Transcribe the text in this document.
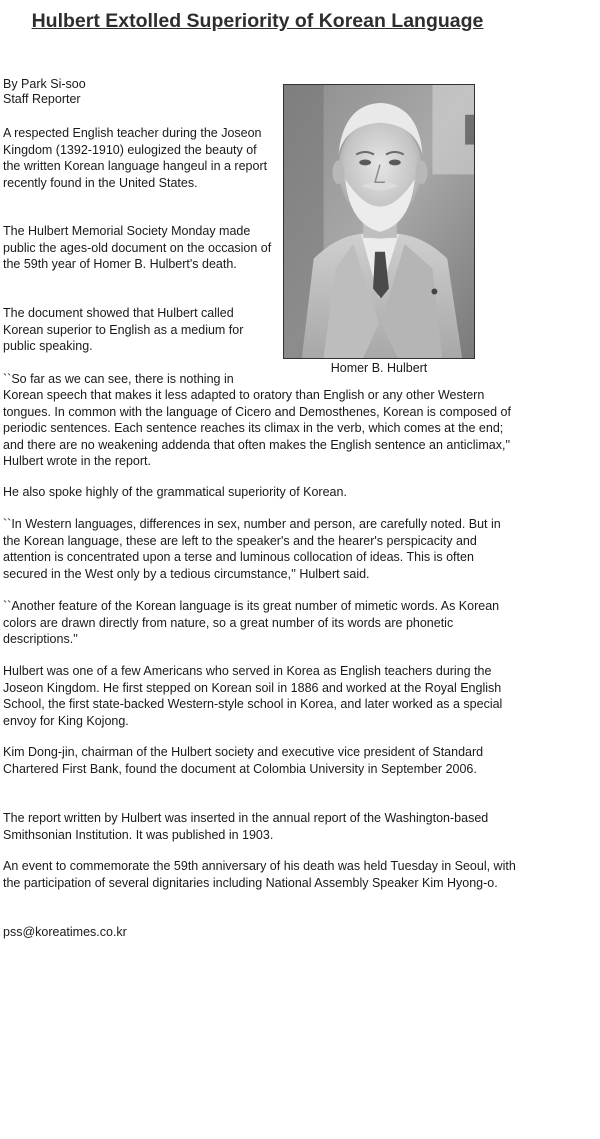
Hulbert Extolled Superiority of Korean Language

By Park Si-soo

Staff Reporter

Homer B. Hulbert

A respected English teacher during the Joseon Kingdom (1392-1910) eulogized the beauty of the written Korean language hangeul in a report recently found in the United States.

The Hulbert Memorial Society Monday made public the ages-old document on the occasion of the 59th year of Homer B. Hulbert's death.

The document showed that Hulbert called Korean superior to English as a medium for public speaking.

``So far as we can see, there is nothing in

Korean speech that makes it less adapted to oratory than English or any other Western tongues. In common with the language of Cicero and Demosthenes, Korean is composed of periodic sentences. Each sentence reaches its climax in the verb, which comes at the end; and there are no weakening addenda that often makes the English sentence an anticlimax,'' Hulbert wrote in the report.

He also spoke highly of the grammatical superiority of Korean.

``In Western languages, differences in sex, number and person, are carefully noted. But in the Korean language, these are left to the speaker's and the hearer's perspicacity and attention is concentrated upon a terse and luminous collocation of ideas. This is often secured in the West only by a tedious circumstance,'' Hulbert said.

``Another feature of the Korean language is its great number of mimetic words. As Korean colors are drawn directly from nature, so a great number of its words are phonetic descriptions.''

Hulbert was one of a few Americans who served in Korea as English teachers during the Joseon Kingdom. He first stepped on Korean soil in 1886 and worked at the Royal English School, the first state-backed Western-style school in Korea, and later worked as a special envoy for King Kojong.

Kim Dong-jin, chairman of the Hulbert society and executive vice president of Standard Chartered First Bank, found the document at Colombia University in September 2006.

The report written by Hulbert was inserted in the annual report of the Washington-based Smithsonian Institution. It was published in 1903.

An event to commemorate the 59th anniversary of his death was held Tuesday in Seoul, with the participation of several dignitaries including National Assembly Speaker Kim Hyong-o.

pss@koreatimes.co.kr
